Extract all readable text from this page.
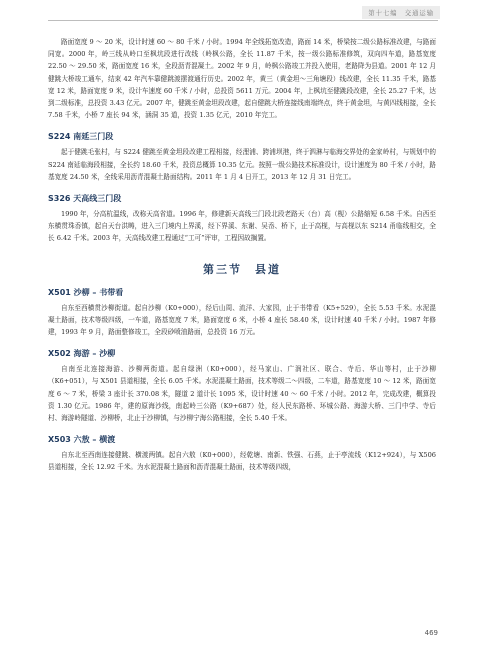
第十七编　交通运输

路面宽度 9 ～ 20 米，设计时速 60 ～ 80 千米 / 小时。1994 年全线拓宽改造，路面 14 米，桥梁按二级公路标准改建，与路面同宽。2000 年，岭三线从岭口至枫坑段进行改线（岭枫公路，全长 11.87 千米，按一级公路标准修筑，双向四车道，路基宽度 22.50 ～ 29.50 米，路面宽度 16 米，全段沥青混凝土。2002 年 9 月，岭枫公路竣工并投入使用，老路降为县道。2001 年 12 月健跳大桥竣工通车，结束 42 年汽车靠健跳渡摆渡通行历史。2002 年，黄三（黄金坦～三角塘段）线改建，全长 11.35 千米，路基宽 12 米，路面宽度 9 米，设计车速度 60 千米 / 小时，总投资 5611 万元。2004 年，上枫坑至健跳段改建，全长 25.27 千米，达到二级标准，总投资 3.43 亿元。2007 年，健跳至黄金坦段改建，起自健跳大桥连接线南端终点，终于黄金坦，与黄四线相接，全长 7.58 千米，小桥 7 座长 94 米，涵洞 35 道，投资 1.35 亿元，2010 年完工。

S224 南延三门段

起于健跳毛张村，与 S224 健跳至黄金坦段改建工程相接，经浬浦、跨浦坝港，终于泗淋与临海交界处的金家岭村，与规划中的 S224 南延临海段相接，全长约 18.60 千米，投资总概算 10.35 亿元。按照一级公路技术标准设计，设计速度为 80 千米 / 小时，路基宽度 24.50 米，全线采用沥青混凝土路面结构。2011 年 1 月 4 日开工，2013 年 12 月 31 日完工。

S326 天高线三门段

1990 年，分高杭温线，改称天高省道。1996 年，修建新天高线三门段北段老路天（台）高（枧）公路缩短 6.58 千米。自西至东横贯珠岙镇，起自天台洪畴，进入三门境内上界溪，经下界溪、东谢、吴岙、桥下，止于高枧，与高枧以东 S214 甬临线相交，全长 6.42 千米。2003 年，天高线改建工程通过“工可”评审，工程因故搁置。

第三节　县道
X501 沙柳 – 书带看

自东至西横贯沙柳街道。起自沙柳（K0+000），经后山周、流洋、大家园，止于书带看（K5+529），全长 5.53 千米。水泥混凝土路面，技术等级四级，一车道，路基宽度 7 米，路面宽度 6 米，小桥 4 座长 58.40 米，设计时速 40 千米 / 小时。1987 年修建，1993 年 9 月，路面整修竣工，全段砂喷油路面，总投资 16 万元。

X502 海游 – 沙柳

自南至北连接海游、沙柳两街道。起自绿洲（K0+000），经马家山、广润社区、联合、寺后、华山等村，止于沙柳（K6+051），与 X501 县道相接，全长 6.05 千米。水泥混凝土路面，技术等级二～四级，二车道，路基宽度 10 ～ 12 米，路面宽度 6 ～ 7 米，桥梁 3 座计长 370.08 米，隧道 2 道计长 1095 米，设计时速 40 ～ 60 千米 / 小时。2012 年，完成改建，概算投资 1.30 亿元。1986 年，建的原海沙线，南起岭三公路（K9+687）处，经人民东路桥、环城公路、海游大桥、三门中学、寺后村、海游岭隧道、沙柳桥，北止于沙柳镇，与沙柳宁海公路相接，全长 5.40 千米。

X503 六敖 – 横渡

自东北至西南连接健跳、横渡两镇。起自六敖（K0+000），经乾塘、南新、铁强、石燕，止于亭流线（K12+924），与 X506 县道相接，全长 12.92 千米。为水泥混凝土路面和沥青混凝土路面，技术等级四级，

469
